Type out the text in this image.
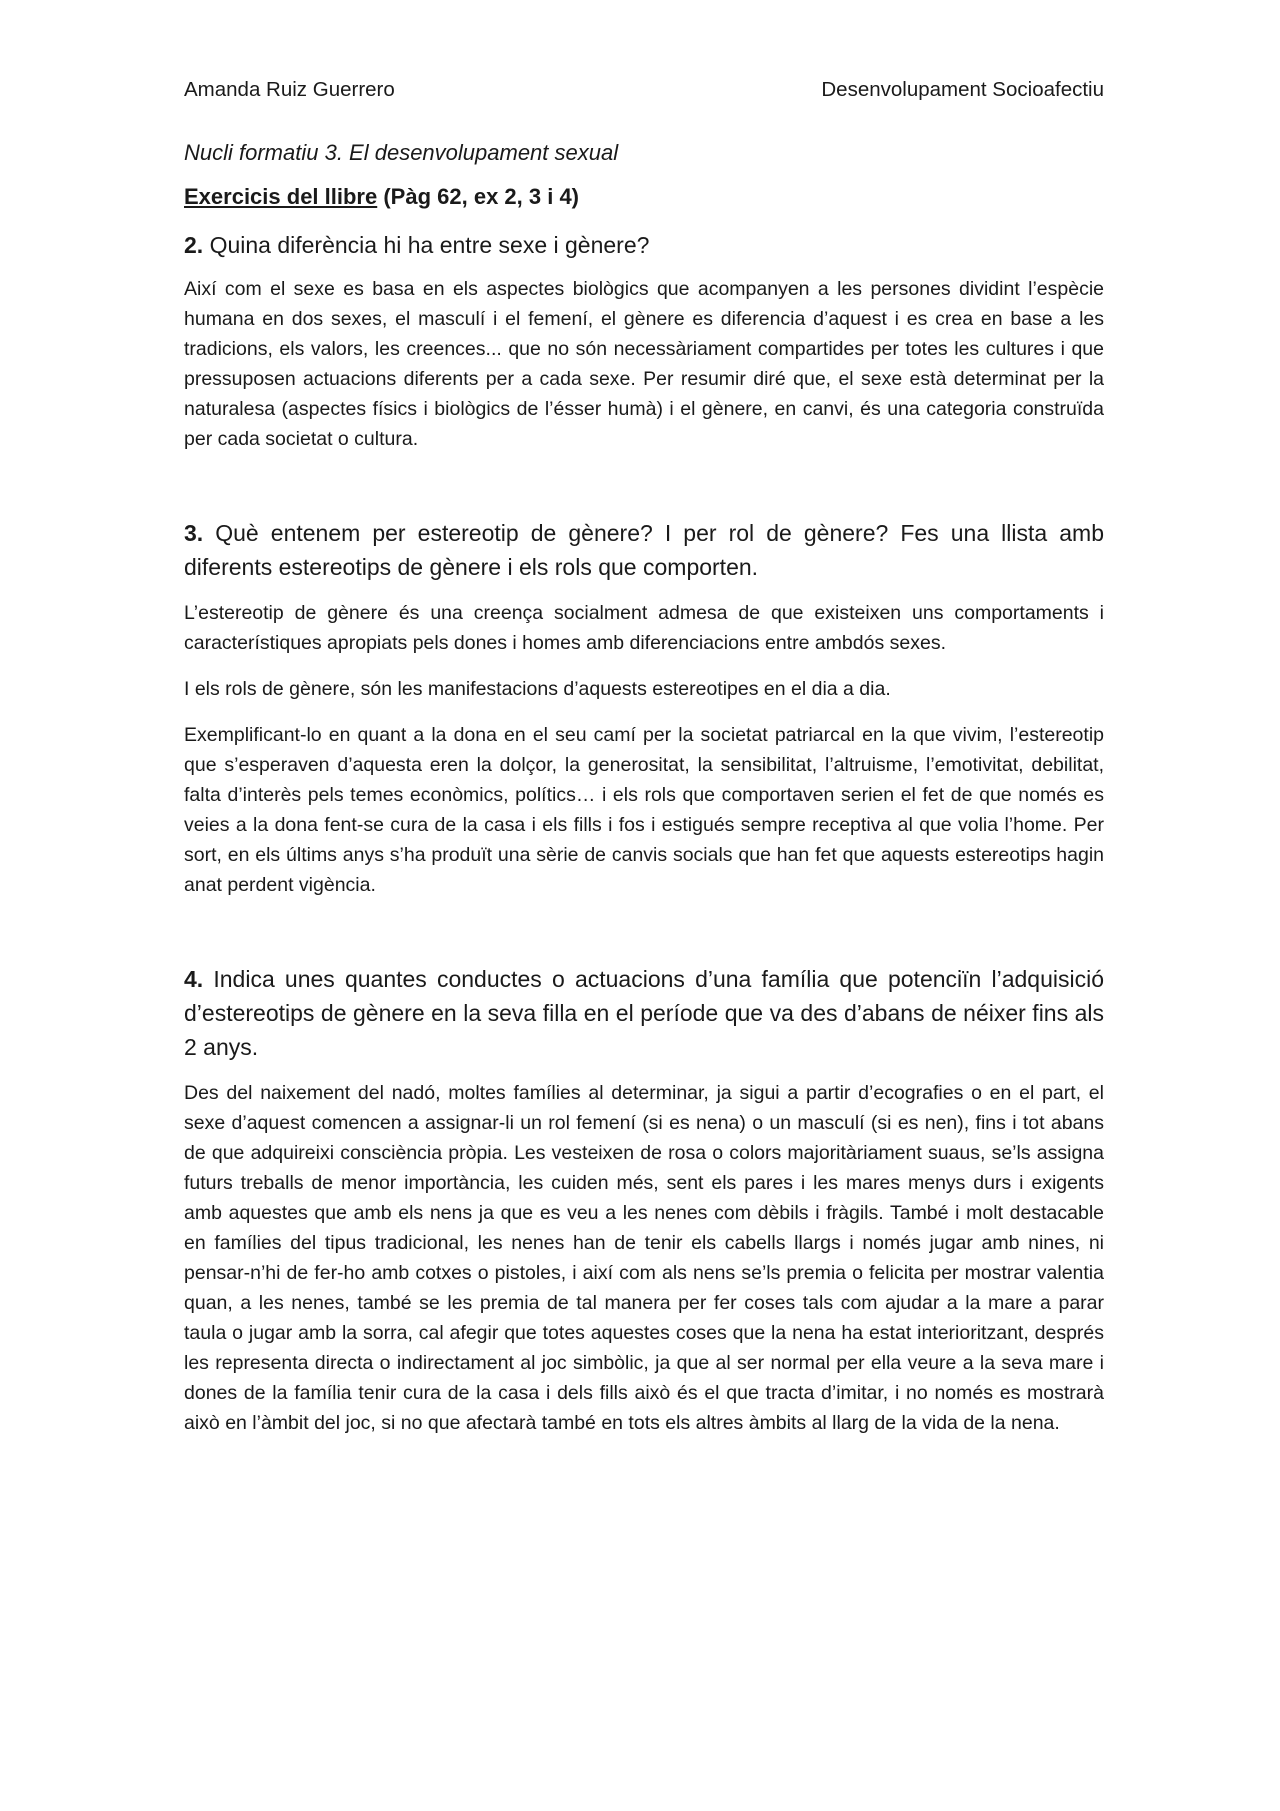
Amanda Ruiz Guerrero	Desenvolupament Socioafectiu
Nucli formatiu 3. El desenvolupament sexual
Exercicis del llibre (Pàg 62, ex 2, 3 i 4)
2. Quina diferència hi ha entre sexe i gènere?

Així com el sexe es basa en els aspectes biològics que acompanyen a les persones dividint l’espècie humana en dos sexes, el masculí i el femení, el gènere es diferencia d’aquest i es crea en base a les tradicions, els valors, les creences... que no són necessàriament compartides per totes les cultures i que pressuposen actuacions diferents per a cada sexe. Per resumir diré que, el sexe està determinat per la naturalesa (aspectes físics i biològics de l’ésser humà) i el gènere, en canvi, és una categoria construïda per cada societat o cultura.

3. Què entenem per estereotip de gènere? I per rol de gènere? Fes una llista amb diferents estereotips de gènere i els rols que comporten.

L’estereotip de gènere és una creença socialment admesa de que existeixen uns comportaments i característiques apropiats pels dones i homes amb diferenciacions entre ambdós sexes.

I els rols de gènere, són les manifestacions d’aquests estereotipes en el dia a dia.

Exemplificant-lo en quant a la dona en el seu camí per la societat patriarcal en la que vivim, l’estereotip que s’esperaven d’aquesta eren la dolçor, la generositat, la sensibilitat, l’altruisme, l’emotivitat, debilitat, falta d’interès pels temes econòmics, polítics… i els rols que comportaven serien el fet de que només es veies a la dona fent-se cura de la casa i els fills i fos i estigués sempre receptiva al que volia l’home. Per sort, en els últims anys s’ha produït una sèrie de canvis socials que han fet que aquests estereotips hagin anat perdent vigència.

4. Indica unes quantes conductes o actuacions d’una família que potenciïn l’adquisició d’estereotips de gènere en la seva filla en el període que va des d’abans de néixer fins als 2 anys.

Des del naixement del nadó, moltes famílies al determinar, ja sigui a partir d’ecografies o en el part, el sexe d’aquest comencen a assignar-li un rol femení (si es nena) o un masculí (si es nen), fins i tot abans de que adquireixi consciència pròpia. Les vesteixen de rosa o colors majoritàriament suaus, se’ls assigna futurs treballs de menor importància, les cuiden més, sent els pares i les mares menys durs i exigents amb aquestes que amb els nens ja que es veu a les nenes com dèbils i fràgils. També i molt destacable en famílies del tipus tradicional, les nenes han de tenir els cabells llargs i només jugar amb nines, ni pensar-n’hi de fer-ho amb cotxes o pistoles, i així com als nens se’ls premia o felicita per mostrar valentia quan, a les nenes, també se les premia de tal manera per fer coses tals com ajudar a la mare a parar taula o jugar amb la sorra, cal afegir que totes aquestes coses que la nena ha estat interioritzant, després les representa directa o indirectament al joc simbòlic, ja que al ser normal per ella veure a la seva mare i dones de la família tenir cura de la casa i dels fills això és el que tracta d’imitar, i no només es mostrarà això en l’àmbit del joc, si no que afectarà també en tots els altres àmbits al llarg de la vida de la nena.
